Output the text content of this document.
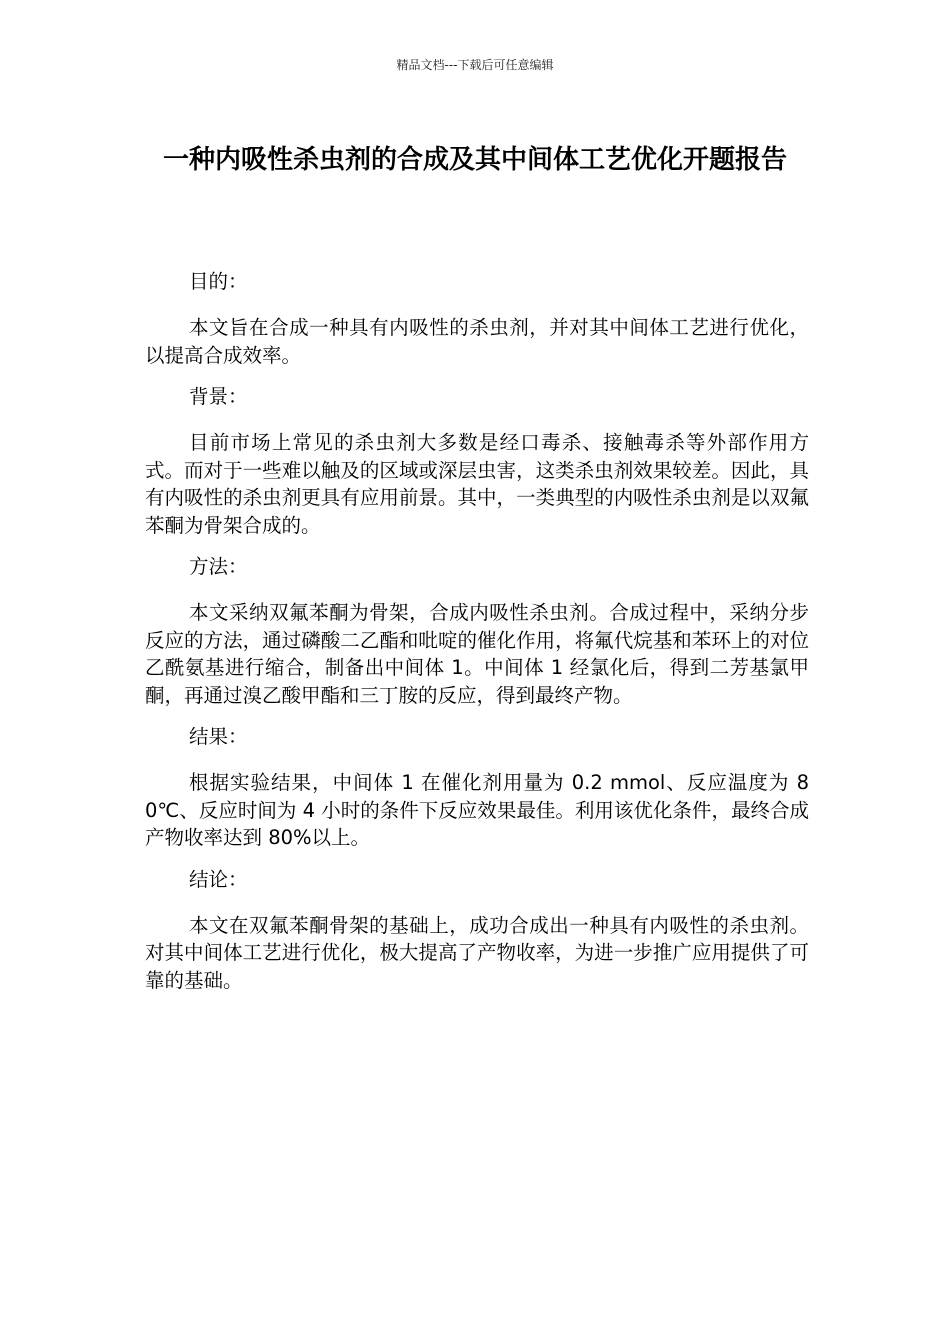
精品文档---下载后可任意编辑
一种内吸性杀虫剂的合成及其中间体工艺优化开题报告

目的：

本文旨在合成一种具有内吸性的杀虫剂，并对其中间体工艺进行优化，以提高合成效率。

背景：

目前市场上常见的杀虫剂大多数是经口毒杀、接触毒杀等外部作用方式。而对于一些难以触及的区域或深层虫害，这类杀虫剂效果较差。因此，具有内吸性的杀虫剂更具有应用前景。其中，一类典型的内吸性杀虫剂是以双氟苯酮为骨架合成的。

方法：

本文采纳双氟苯酮为骨架，合成内吸性杀虫剂。合成过程中，采纳分步反应的方法，通过磷酸二乙酯和吡啶的催化作用，将氟代烷基和苯环上的对位乙酰氨基进行缩合，制备出中间体 1。中间体 1 经氯化后，得到二芳基氯甲酮，再通过溴乙酸甲酯和三丁胺的反应，得到最终产物。

结果：

根据实验结果，中间体 1 在催化剂用量为 0.2 mmol、反应温度为 80℃、反应时间为 4 小时的条件下反应效果最佳。利用该优化条件，最终合成产物收率达到 80%以上。

结论：

本文在双氟苯酮骨架的基础上，成功合成出一种具有内吸性的杀虫剂。对其中间体工艺进行优化，极大提高了产物收率，为进一步推广应用提供了可靠的基础。
